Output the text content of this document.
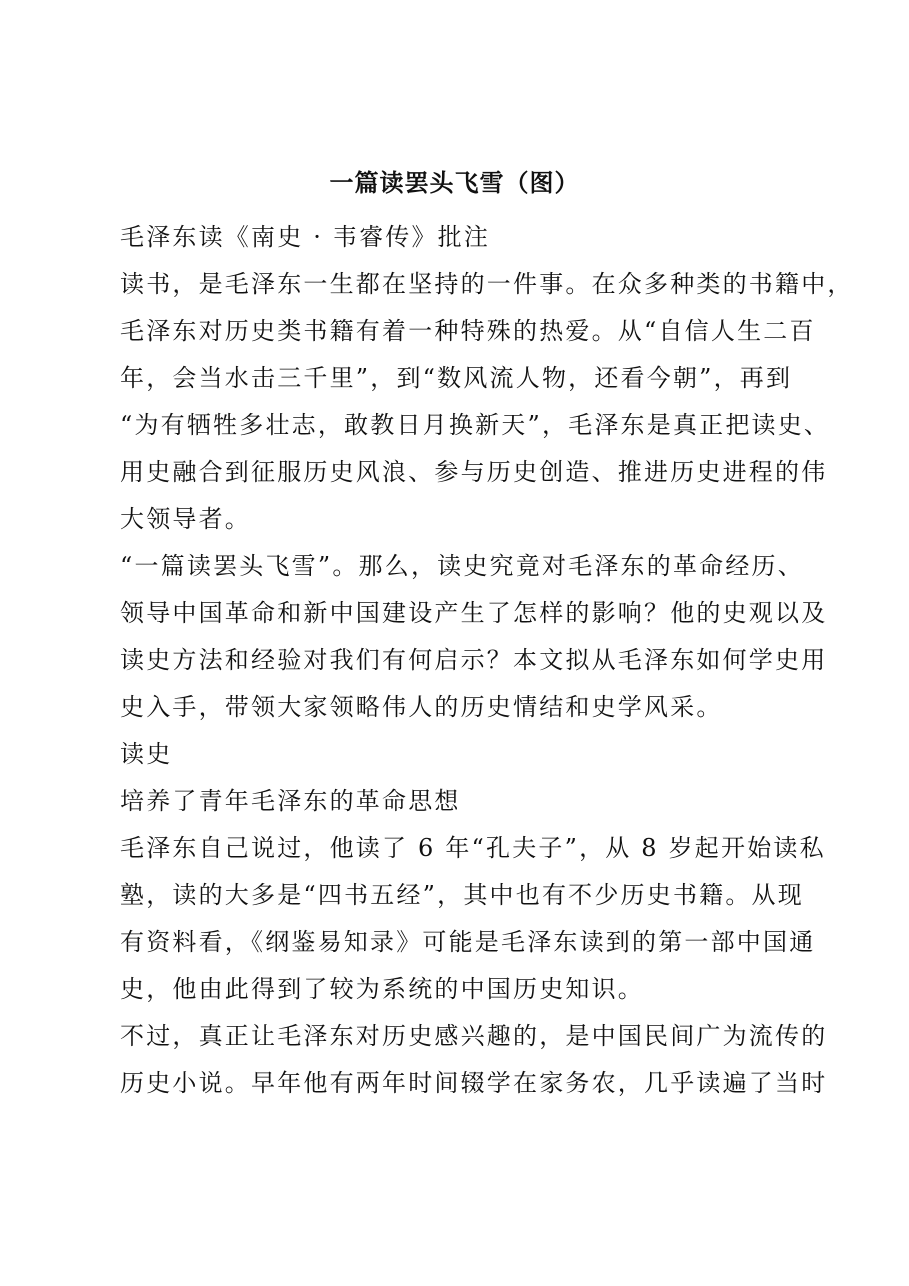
一篇读罢头飞雪（图）
毛泽东读《南史 · 韦睿传》批注
读书，是毛泽东一生都在坚持的一件事。在众多种类的书籍中，
毛泽东对历史类书籍有着一种特殊的热爱。从“自信人生二百
年，会当水击三千里”，到“数风流人物，还看今朝”，再到
“为有牺牲多壮志，敢教日月换新天”，毛泽东是真正把读史、
用史融合到征服历史风浪、参与历史创造、推进历史进程的伟
大领导者。
“一篇读罢头飞雪”。那么，读史究竟对毛泽东的革命经历、
领导中国革命和新中国建设产生了怎样的影响？他的史观以及
读史方法和经验对我们有何启示？本文拟从毛泽东如何学史用
史入手，带领大家领略伟人的历史情结和史学风采。
读史
培养了青年毛泽东的革命思想
毛泽东自己说过，他读了 6 年“孔夫子”，从 8 岁起开始读私
塾，读的大多是“四书五经”，其中也有不少历史书籍。从现
有资料看，《纲鉴易知录》可能是毛泽东读到的第一部中国通
史，他由此得到了较为系统的中国历史知识。
不过，真正让毛泽东对历史感兴趣的，是中国民间广为流传的
历史小说。早年他有两年时间辍学在家务农，几乎读遍了当时
